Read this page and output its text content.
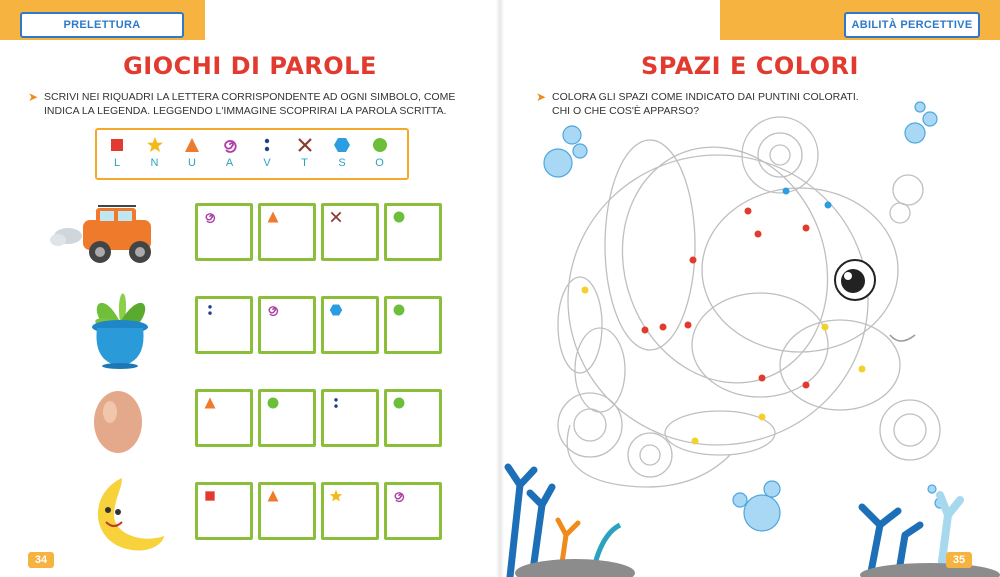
PRELETTURA
GIOCHI DI PAROLE
➤ SCRIVI NEI RIQUADRI LA LETTERA CORRISPONDENTE AD OGNI SIMBOLO, COME
INDICA LA LEGENDA. LEGGENDO L'IMMAGINE SCOPRIRAI LA PAROLA SCRITTA.
L	N	U	A	V	T	S	O
34
ABILITÀ PERCETTIVE
SPAZI E COLORI
➤ COLORA GLI SPAZI COME INDICATO DAI PUNTINI COLORATI.
CHI O CHE COS'È APPARSO?
35
